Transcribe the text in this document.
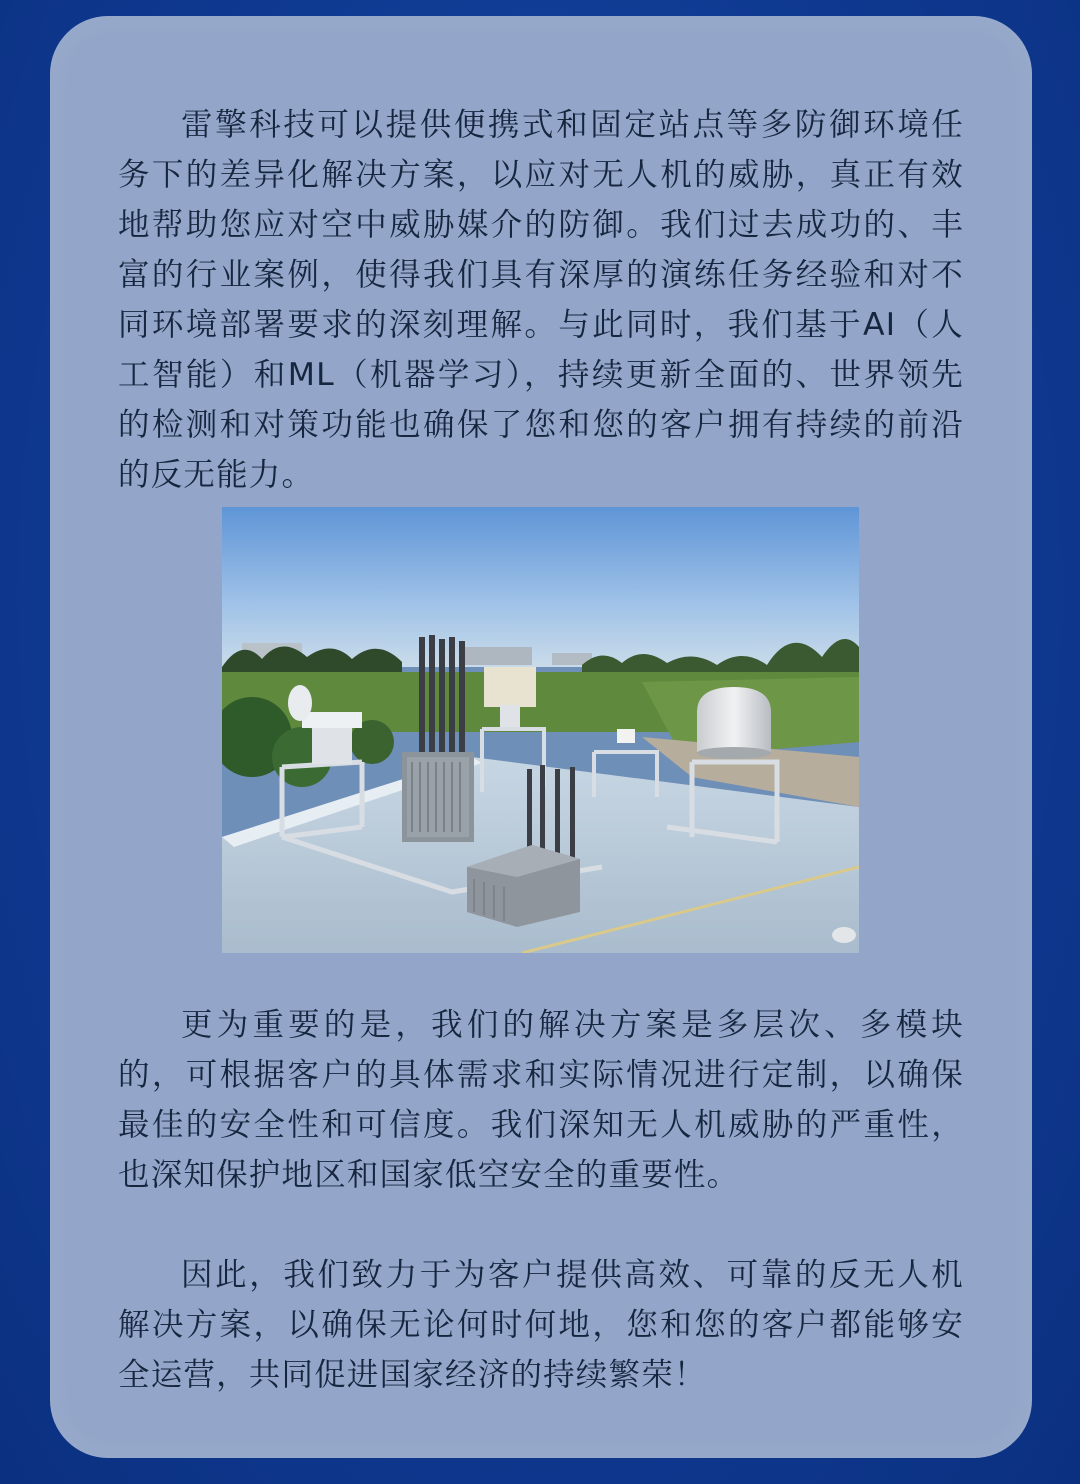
雷擎科技可以提供便携式和固定站点等多防御环境任务下的差异化解决方案，以应对无人机的威胁，真正有效地帮助您应对空中威胁媒介的防御。我们过去成功的、丰富的行业案例，使得我们具有深厚的演练任务经验和对不同环境部署要求的深刻理解。与此同时，我们基于AI（人工智能）和ML（机器学习），持续更新全面的、世界领先的检测和对策功能也确保了您和您的客户拥有持续的前沿的反无能力。

更为重要的是，我们的解决方案是多层次、多模块的，可根据客户的具体需求和实际情况进行定制，以确保最佳的安全性和可信度。我们深知无人机威胁的严重性，也深知保护地区和国家低空安全的重要性。

因此，我们致力于为客户提供高效、可靠的反无人机解决方案，以确保无论何时何地，您和您的客户都能够安全运营，共同促进国家经济的持续繁荣！
